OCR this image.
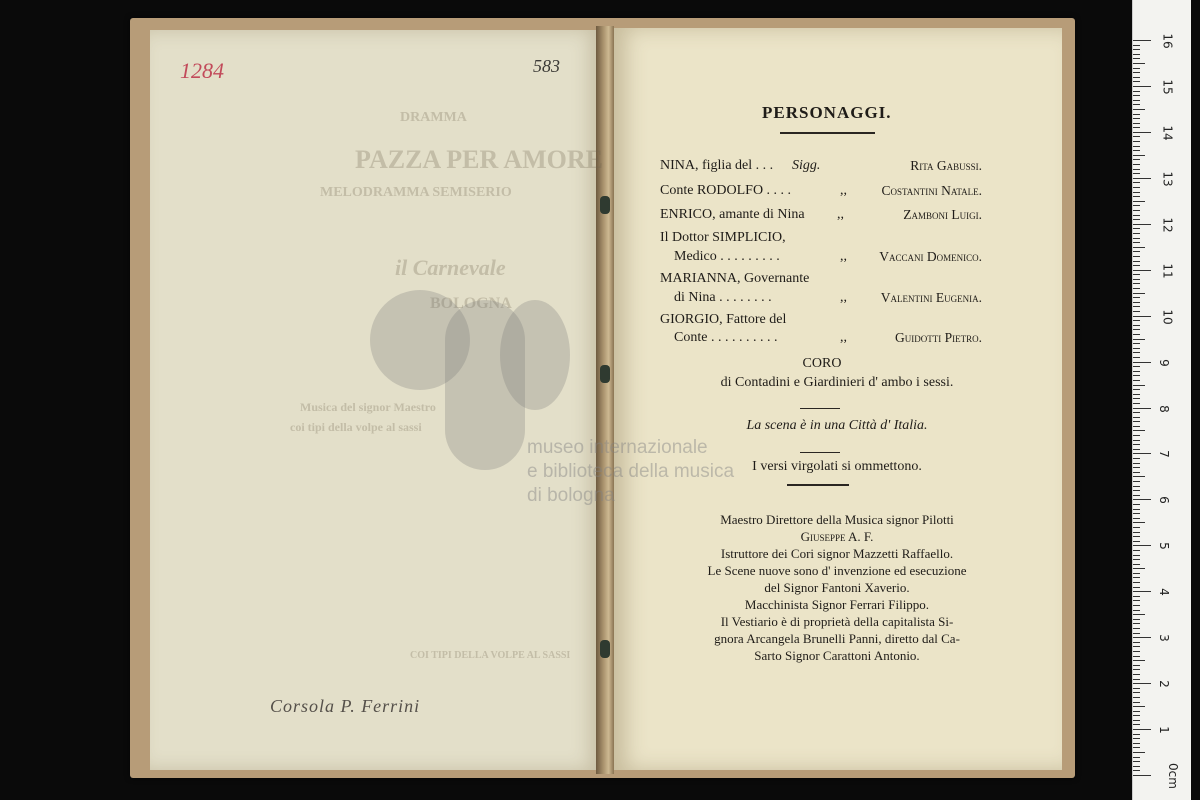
DRAMMA
PAZZA PER AMORE
MELODRAMMA SEMISERIO
il Carnevale
BOLOGNA
Musica del signor Maestro
coi tipi della volpe al sassi
COI TIPI DELLA VOLPE AL SASSI
1284	583
Corsola P. Ferrini
museo internazionale
e biblioteca della musica
di bologna
PERSONAGGI.
NINA, figlia del . . . Sigg.	Rita Gabussi.
Conte RODOLFO . . . .	,,	Costantini Natale.
ENRICO, amante di Nina ,,	Zamboni Luigi.
Il Dottor SIMPLICIO,
Medico . . . . . . . . .	,, Vaccani Domenico.
MARIANNA, Governante
di Nina . . . . . . . .	,,	Valentini Eugenia.
GIORGIO, Fattore del
Conte . . . . . . . . . .	,,	Guidotti Pietro.
CORO
di Contadini e Giardinieri d' ambo i sessi.
La scena è in una Città d' Italia.
I versi virgolati si ommettono.
Maestro Direttore della Musica signor Pilotti
Giuseppe A. F.
Istruttore dei Cori signor Mazzetti Raffaello.
Le Scene nuove sono d' invenzione ed esecuzione
del Signor Fantoni Xaverio.
Macchinista Signor Ferrari Filippo.
Il Vestiario è di proprietà della capitalista Si-
gnora Arcangela Brunelli Panni, diretto dal Ca-
Sarto Signor Carattoni Antonio.
16
15
14
13
12
11
10
9
8
7
6
5
4
3
2
1
0cm
